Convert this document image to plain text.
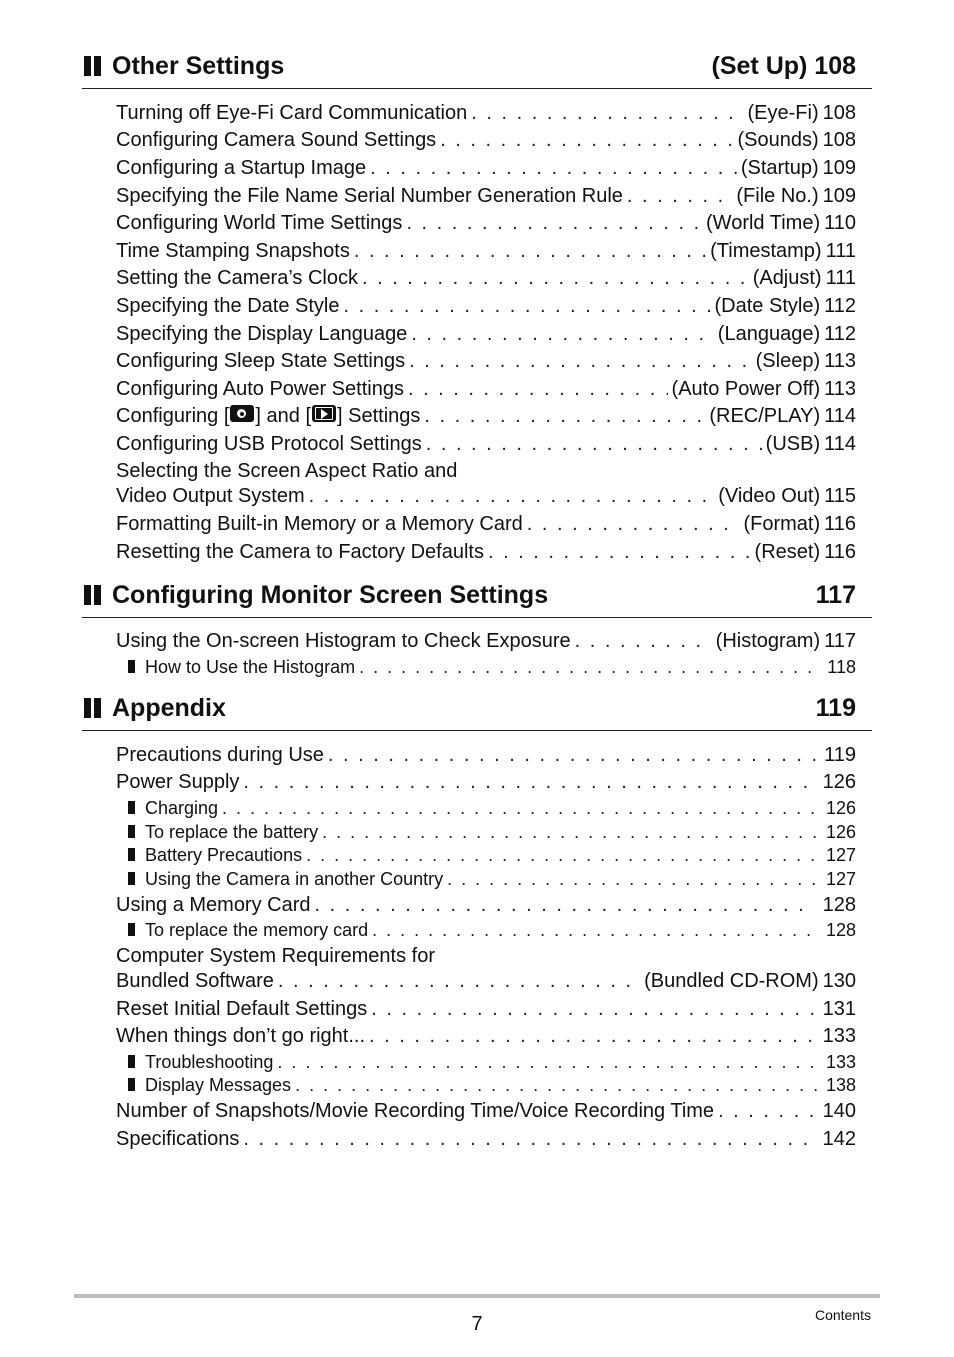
Other Settings	(Set Up) 108
Turning off Eye-Fi Card Communication . . .	(Eye-Fi) 108
Configuring Camera Sound Settings . . .	(Sounds) 108
Configuring a Startup Image . . .	(Startup) 109
Specifying the File Name Serial Number Generation Rule . . .	(File No.) 109
Configuring World Time Settings . . .	(World Time) 110
Time Stamping Snapshots . . .	(Timestamp) 111
Setting the Camera’s Clock . . .	(Adjust) 111
Specifying the Date Style . . .	(Date Style) 112
Specifying the Display Language . . .	(Language) 112
Configuring Sleep State Settings . . .	(Sleep) 113
Configuring Auto Power Settings . . .	(Auto Power Off) 113
Configuring [ ] and [ ] Settings . . .	(REC/PLAY) 114
Configuring USB Protocol Settings . . .	(USB) 114
Selecting the Screen Aspect Ratio and
Video Output System . . .	(Video Out) 115
Formatting Built-in Memory or a Memory Card . . .	(Format) 116
Resetting the Camera to Factory Defaults . . .	(Reset) 116
Configuring Monitor Screen Settings	117
Using the On-screen Histogram to Check Exposure . . .	(Histogram) 117
How to Use the Histogram . . .	118
Appendix	119
Precautions during Use . . .	119
Power Supply . . .	126
Charging . . .	126
To replace the battery . . .	126
Battery Precautions . . .	127
Using the Camera in another Country . . .	127
Using a Memory Card . . .	128
To replace the memory card . . .	128
Computer System Requirements for
Bundled Software . . .	(Bundled CD-ROM) 130
Reset Initial Default Settings . . .	131
When things don’t go right... . . .	133
Troubleshooting . . .	133
Display Messages . . .	138
Number of Snapshots/Movie Recording Time/Voice Recording Time . . .	140
Specifications . . .	142
7	Contents
